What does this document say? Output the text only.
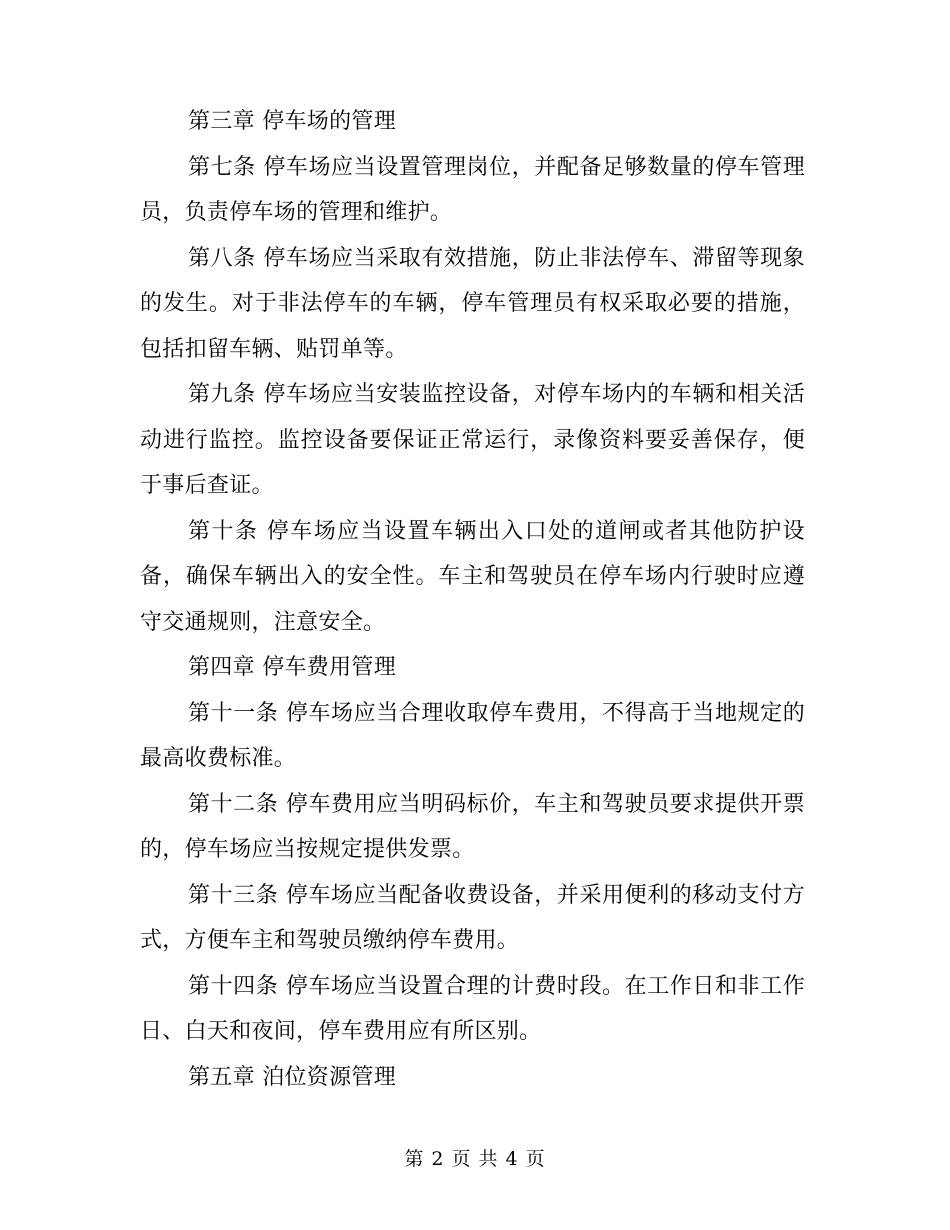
第三章 停车场的管理

第七条 停车场应当设置管理岗位，并配备足够数量的停车管理员，负责停车场的管理和维护。

第八条 停车场应当采取有效措施，防止非法停车、滞留等现象的发生。对于非法停车的车辆，停车管理员有权采取必要的措施，包括扣留车辆、贴罚单等。

第九条 停车场应当安装监控设备，对停车场内的车辆和相关活动进行监控。监控设备要保证正常运行，录像资料要妥善保存，便于事后查证。

第十条 停车场应当设置车辆出入口处的道闸或者其他防护设备，确保车辆出入的安全性。车主和驾驶员在停车场内行驶时应遵守交通规则，注意安全。

第四章 停车费用管理

第十一条 停车场应当合理收取停车费用，不得高于当地规定的最高收费标准。

第十二条 停车费用应当明码标价，车主和驾驶员要求提供开票的，停车场应当按规定提供发票。

第十三条 停车场应当配备收费设备，并采用便利的移动支付方式，方便车主和驾驶员缴纳停车费用。

第十四条 停车场应当设置合理的计费时段。在工作日和非工作日、白天和夜间，停车费用应有所区别。

第五章 泊位资源管理

第 2 页 共 4 页
